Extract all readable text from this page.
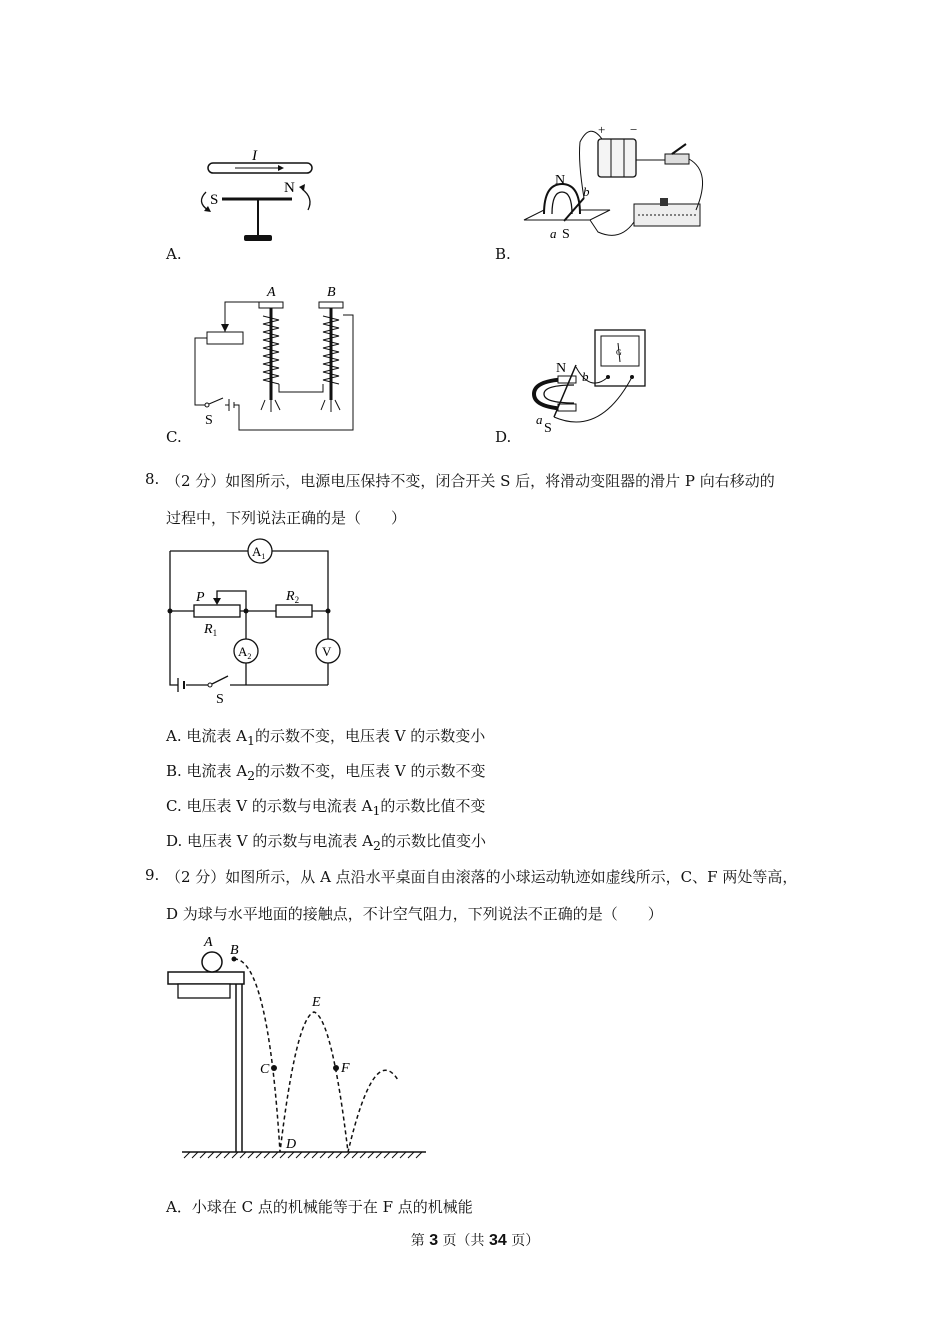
I
S
N
A.
+ −
N
S
a
b
B.
A	B
S
C.
G
N
S
a
b
D.
8. （2 分）如图所示，电源电压保持不变，闭合开关 S 后，将滑动变阻器的滑片 P 向右移动的
过程中，下列说法正确的是（　　）
$A_1$
P
$R_1$
$R_2$
$A_2$	V
S
A. 电流表 $A_1$的示数不变，电压表 V 的示数变小
B. 电流表 $A_2$的示数不变，电压表 V 的示数不变
C. 电压表 V 的示数与电流表 $A_1$的示数比值不变
D. 电压表 V 的示数与电流表 $A_2$的示数比值变小
9. （2 分）如图所示，从 A 点沿水平桌面自由滚落的小球运动轨迹如虚线所示，C、F 两处等高，
D 为球与水平地面的接触点，不计空气阻力，下列说法不正确的是（　　）
A
B
C
D
E
F
A．小球在 C 点的机械能等于在 F 点的机械能
第 3 页（共 34 页）
